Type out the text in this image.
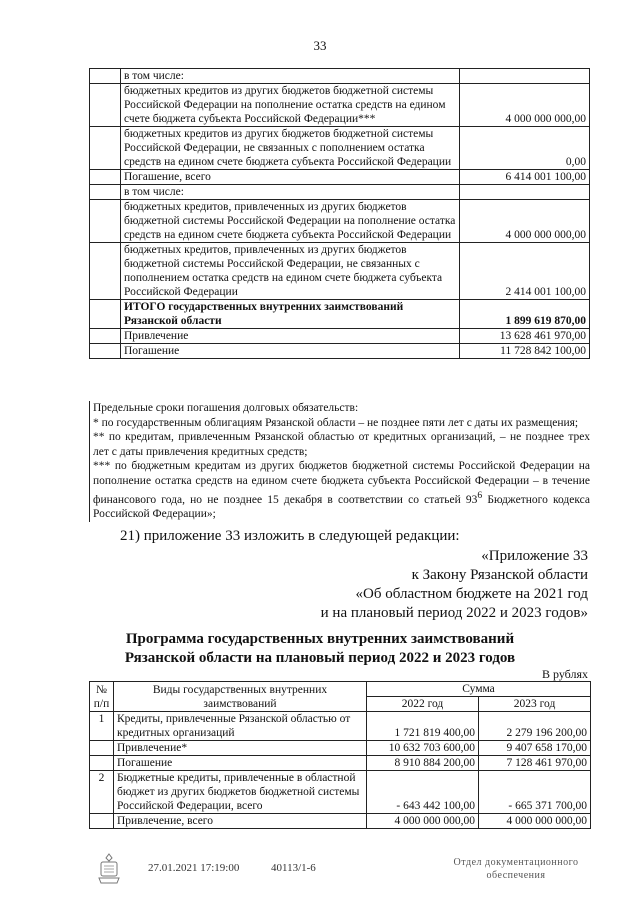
33
	в том числе:	
	бюджетных кредитов из других бюджетов бюджетной системы Российской Федерации на пополнение остатка средств на едином счете бюджета субъекта Российской Федерации***	4 000 000 000,00
	бюджетных кредитов из других бюджетов бюджетной системы Российской Федерации, не связанных с пополнением остатка средств на едином счете бюджета субъекта Российской Федерации	0,00
	Погашение, всего	6 414 001 100,00
	в том числе:	
	бюджетных кредитов, привлеченных из других бюджетов бюджетной системы Российской Федерации на пополнение остатка средств на едином счете бюджета субъекта Российской Федерации	4 000 000 000,00
	бюджетных кредитов, привлеченных из других бюджетов бюджетной системы Российской Федерации, не связанных с пополнением остатка средств на едином счете бюджета субъекта Российской Федерации	2 414 001 100,00
	ИТОГО государственных внутренних заимствований Рязанской области	1 899 619 870,00
	Привлечение	13 628 461 970,00
	Погашение	11 728 842 100,00

Предельные сроки погашения долговых обязательств:

* по государственным облигациям Рязанской области – не позднее пяти лет с даты их размещения;

** по кредитам, привлеченным Рязанской областью от кредитных организаций, – не позднее трех лет с даты привлечения кредитных средств;

*** по бюджетным кредитам из других бюджетов бюджетной системы Российской Федерации на пополнение остатка средств на едином счете бюджета субъекта Российской Федерации – в течение финансового года, но не позднее 15 декабря в соответствии со статьей $93^6$ Бюджетного кодекса Российской Федерации»;

21) приложение 33 изложить в следующей редакции:
«Приложение 33
к Закону Рязанской области
«Об областном бюджете на 2021 год
и на плановый период 2022 и 2023 годов»
Программа государственных внутренних заимствований
Рязанской области на плановый период 2022 и 2023 годов
В рублях
№ п/п	Виды государственных внутренних заимствований	Сумма	
		2022 год	2023 год
1	Кредиты, привлеченные Рязанской областью от кредитных организаций	1 721 819 400,00	2 279 196 200,00
	Привлечение*	10 632 703 600,00	9 407 658 170,00
	Погашение	8 910 884 200,00	7 128 461 970,00
2	Бюджетные кредиты, привлеченные в областной бюджет из других бюджетов бюджетной системы Российской Федерации, всего	- 643 442 100,00	- 665 371 700,00
	Привлечение, всего	4 000 000 000,00	4 000 000 000,00
27.01.2021 17:19:00	40113/1-6	Отдел документационного
обеспечения
